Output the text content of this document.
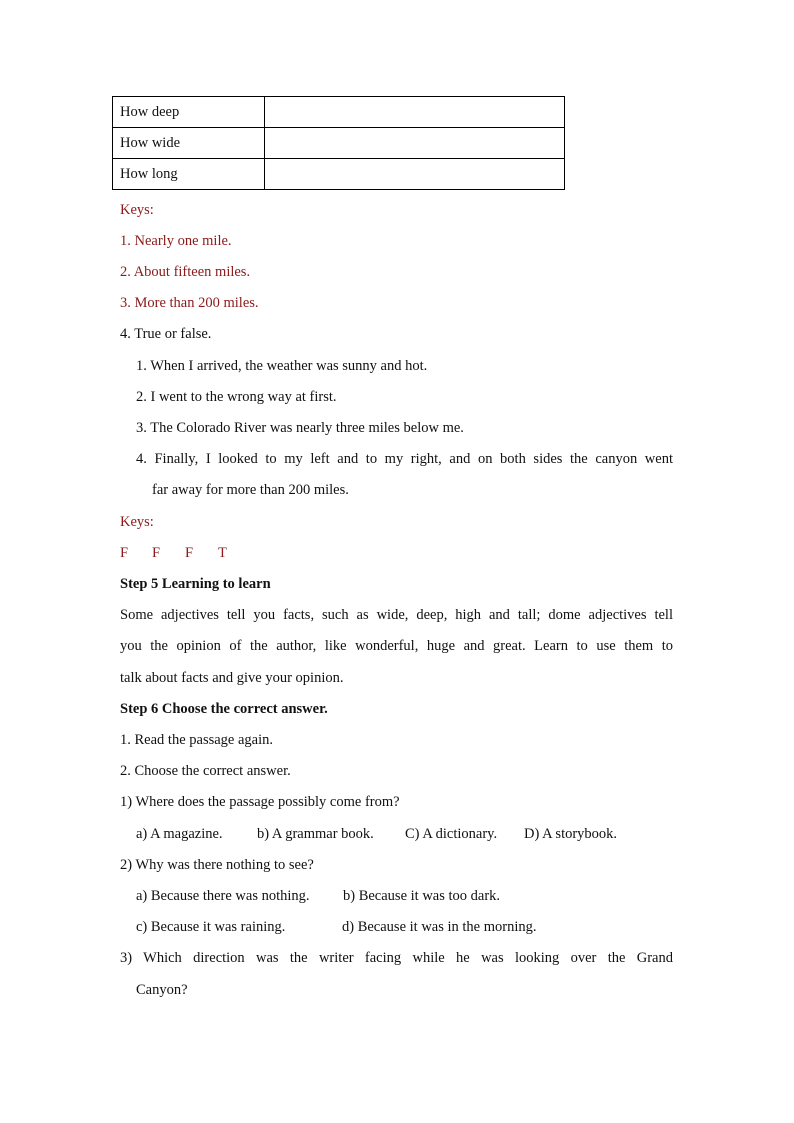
How deep	
How wide	
How long	
Keys:
1. Nearly one mile.
2. About fifteen miles.
3. More than 200 miles.
4. True or false.
1. When I arrived, the weather was sunny and hot.
2. I went to the wrong way at first.
3. The Colorado River was nearly three miles below me.
4. Finally, I looked to my left and to my right, and on both sides the canyon went
far away for more than 200 miles.
Keys:
F F F T
Step 5 Learning to learn
Some adjectives tell you facts, such as wide, deep, high and tall; dome adjectives tell
you the opinion of the author, like wonderful, huge and great. Learn to use them to
talk about facts and give your opinion.
Step 6 Choose the correct answer.
1. Read the passage again.
2. Choose the correct answer.
1) Where does the passage possibly come from?
a) A magazine. b) A grammar book. C) A dictionary. D) A storybook.
2) Why was there nothing to see?
a) Because there was nothing. b) Because it was too dark.
c) Because it was raining.	d) Because it was in the morning.
3) Which direction was the writer facing while he was looking over the Grand
Canyon?
